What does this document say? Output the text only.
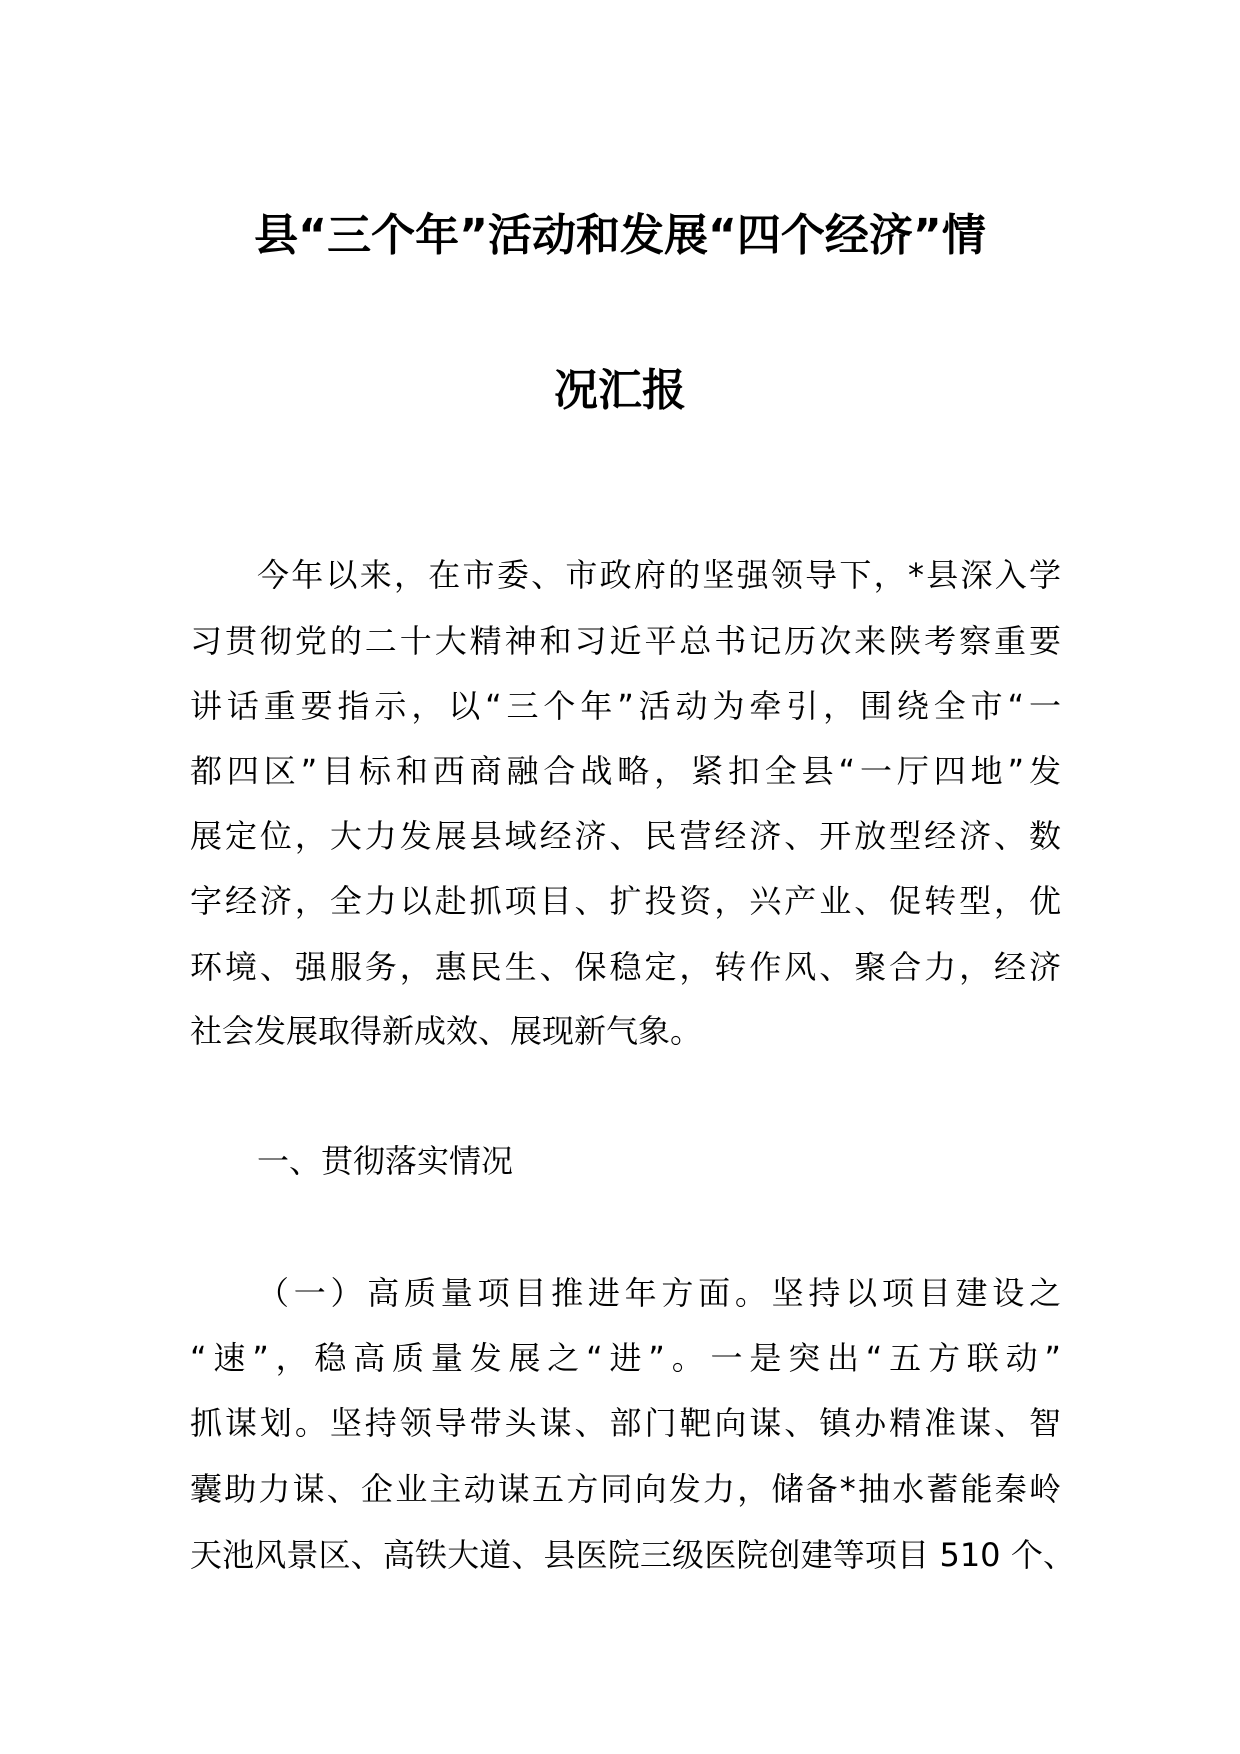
县“三个年”活动和发展“四个经济”情
况汇报
今年以来，在市委、市政府的坚强领导下，*县深入学
习贯彻党的二十大精神和习近平总书记历次来陕考察重要
讲话重要指示，以“三个年”活动为牵引，围绕全市“一
都四区”目标和西商融合战略，紧扣全县“一厅四地”发
展定位，大力发展县域经济、民营经济、开放型经济、数
字经济，全力以赴抓项目、扩投资，兴产业、促转型，优
环境、强服务，惠民生、保稳定，转作风、聚合力，经济
社会发展取得新成效、展现新气象。
一、贯彻落实情况
（一）高质量项目推进年方面。坚持以项目建设之
“速”，稳高质量发展之“进”。一是突出“五方联动”
抓谋划。坚持领导带头谋、部门靶向谋、镇办精准谋、智
囊助力谋、企业主动谋五方同向发力，储备*抽水蓄能秦岭
天池风景区、高铁大道、县医院三级医院创建等项目 510 个、
